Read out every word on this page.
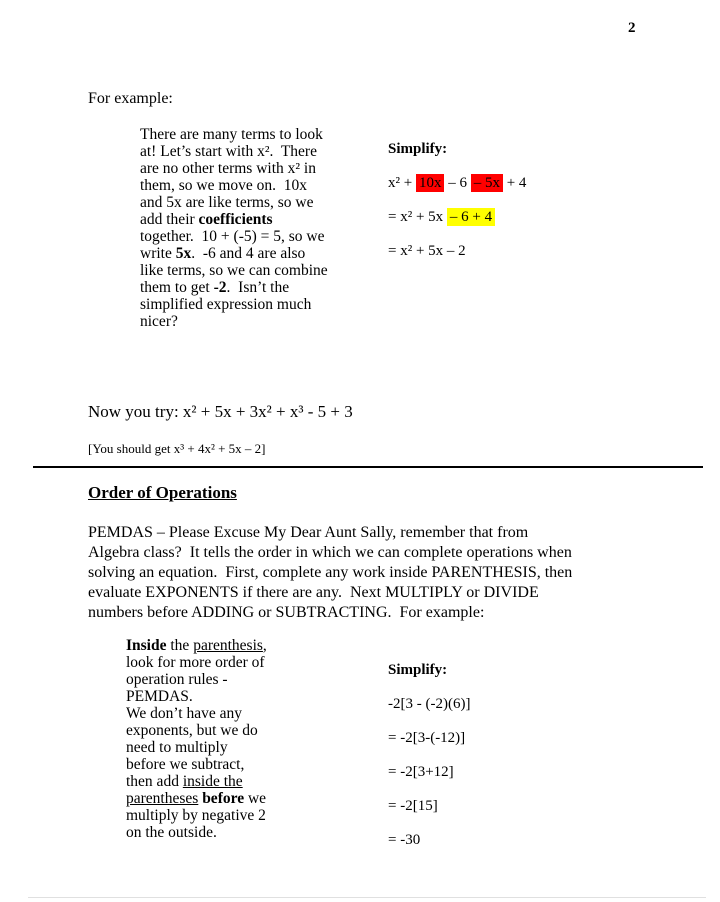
2
For example:
There are many terms to look
at! Let’s start with x².  There
are no other terms with x² in
them, so we move on.  10x
and 5x are like terms, so we
add their coefficients
together.  10 + (-5) = 5, so we
write 5x.  -6 and 4 are also
like terms, so we can combine
them to get -2.  Isn’t the
simplified expression much
nicer?
Simplify:
x² + 10x – 6 – 5x + 4
= x² + 5x – 6 + 4
= x² + 5x – 2
Now you try: x² + 5x + 3x² + x³ - 5 + 3
[You should get x³ + 4x² + 5x – 2]
Order of Operations
PEMDAS – Please Excuse My Dear Aunt Sally, remember that from
Algebra class?  It tells the order in which we can complete operations when
solving an equation.  First, complete any work inside PARENTHESIS, then
evaluate EXPONENTS if there are any.  Next MULTIPLY or DIVIDE
numbers before ADDING or SUBTRACTING.  For example:
Inside the parenthesis,
look for more order of
operation rules -
PEMDAS.
We don’t have any
exponents, but we do
need to multiply
before we subtract,
then add inside the
parentheses before we
multiply by negative 2
on the outside.
Simplify:
-2[3 - (-2)(6)]
= -2[3-(-12)]
= -2[3+12]
= -2[15]
= -30
